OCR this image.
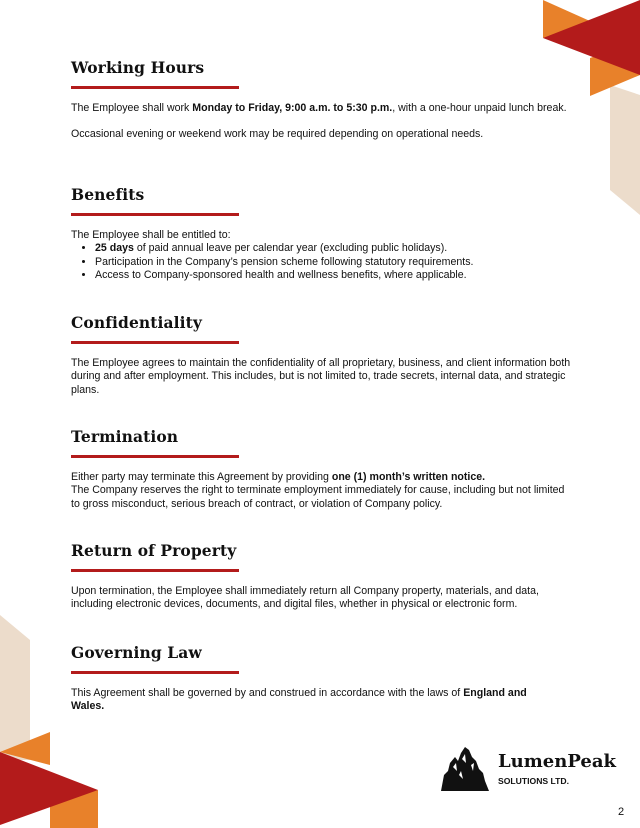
Working Hours

The Employee shall work Monday to Friday, 9:00 a.m. to 5:30 p.m., with a one-hour unpaid lunch break.

Occasional evening or weekend work may be required depending on operational needs.

Benefits

The Employee shall be entitled to:

• 25 days of paid annual leave per calendar year (excluding public holidays).
• Participation in the Company’s pension scheme following statutory requirements.
• Access to Company-sponsored health and wellness benefits, where applicable.
Confidentiality

The Employee agrees to maintain the confidentiality of all proprietary, business, and client information both during and after employment. This includes, but is not limited to, trade secrets, internal data, and strategic plans.

Termination

Either party may terminate this Agreement by providing one (1) month’s written notice.

The Company reserves the right to terminate employment immediately for cause, including but not limited to gross misconduct, serious breach of contract, or violation of Company policy.

Return of Property

Upon termination, the Employee shall immediately return all Company property, materials, and data, including electronic devices, documents, and digital files, whether in physical or electronic form.

Governing Law

This Agreement shall be governed by and construed in accordance with the laws of England and Wales.

LumenPeak
SOLUTIONS LTD.
2
